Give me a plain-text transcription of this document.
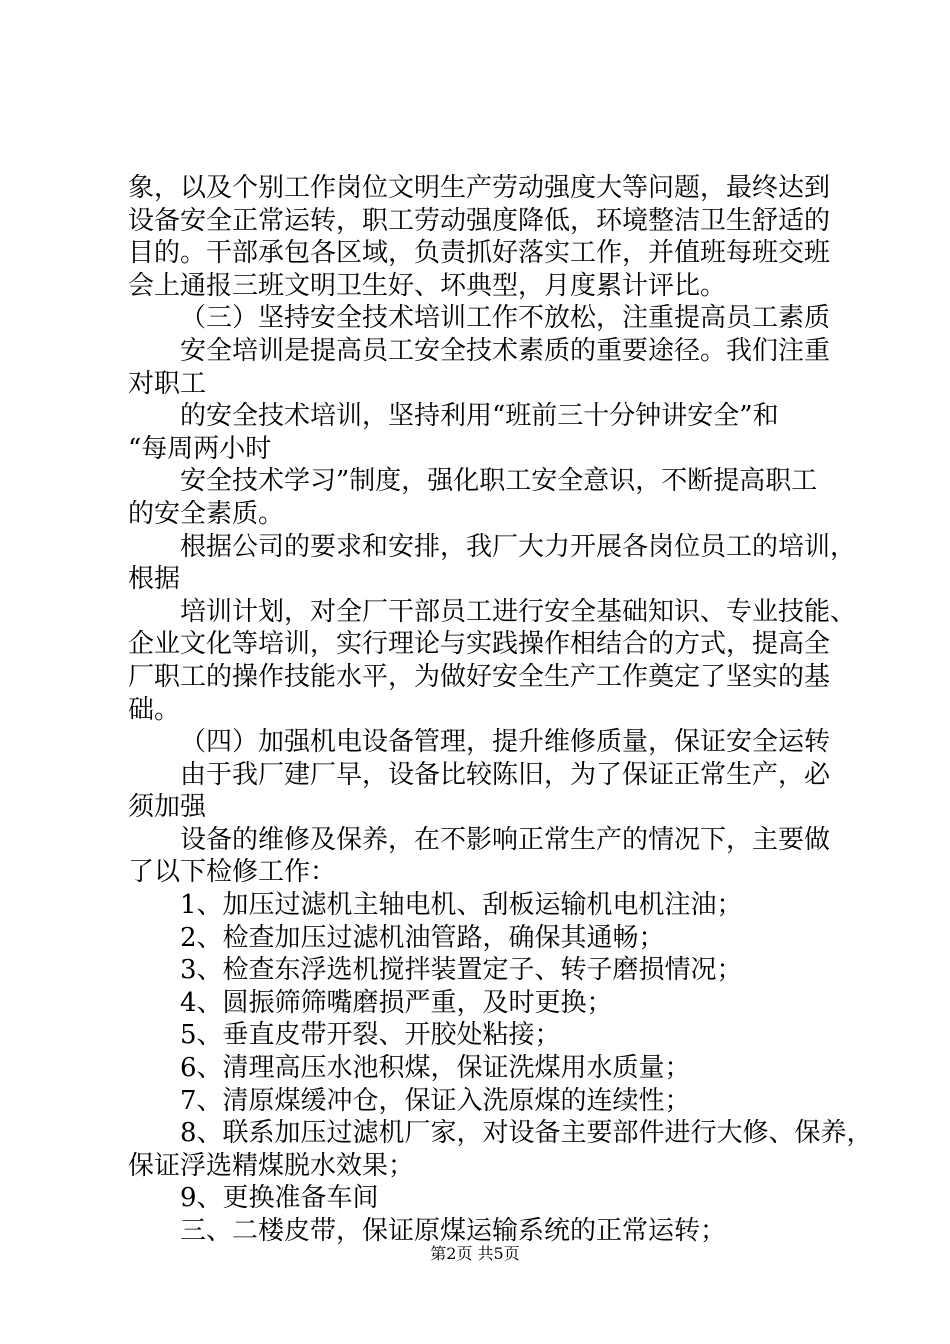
象，以及个别工作岗位文明生产劳动强度大等问题，最终达到
设备安全正常运转，职工劳动强度降低，环境整洁卫生舒适的
目的。干部承包各区域，负责抓好落实工作，并值班每班交班
会上通报三班文明卫生好、坏典型，月度累计评比。
（三）坚持安全技术培训工作不放松，注重提高员工素质
安全培训是提高员工安全技术素质的重要途径。我们注重
对职工
的安全技术培训，坚持利用“班前三十分钟讲安全”和
“每周两小时
安全技术学习”制度，强化职工安全意识，不断提高职工
的安全素质。
根据公司的要求和安排，我厂大力开展各岗位员工的培训，
根据
培训计划，对全厂干部员工进行安全基础知识、专业技能、
企业文化等培训，实行理论与实践操作相结合的方式，提高全
厂职工的操作技能水平，为做好安全生产工作奠定了坚实的基
础。
（四）加强机电设备管理，提升维修质量，保证安全运转
由于我厂建厂早，设备比较陈旧，为了保证正常生产，必
须加强
设备的维修及保养，在不影响正常生产的情况下，主要做
了以下检修工作：
1、加压过滤机主轴电机、刮板运输机电机注油；
2、检查加压过滤机油管路，确保其通畅；
3、检查东浮选机搅拌装置定子、转子磨损情况；
4、圆振筛筛嘴磨损严重，及时更换；
5、垂直皮带开裂、开胶处粘接；
6、清理高压水池积煤，保证洗煤用水质量；
7、清原煤缓冲仓，保证入洗原煤的连续性；
8、联系加压过滤机厂家，对设备主要部件进行大修、保养，
保证浮选精煤脱水效果；
9、更换准备车间
三、二楼皮带，保证原煤运输系统的正常运转；
第2页 共5页
